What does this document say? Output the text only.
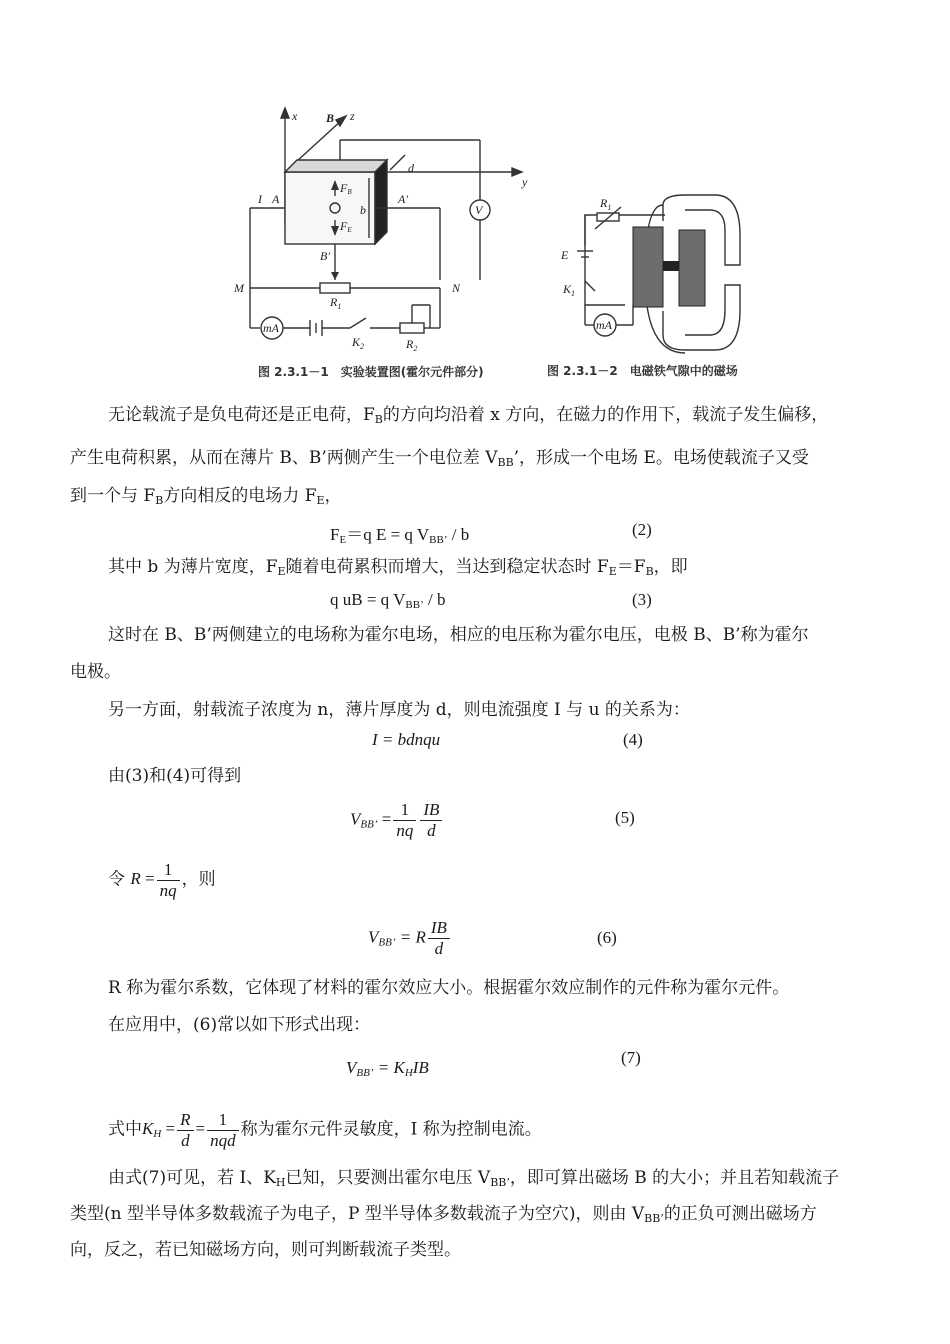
x
y
z
B
d
b
I A	A'
B'
M	N
$R_1$
$R_2$
$K_2$
V
mA
FB
FE
图 2.3.1－1　实验装置图(霍尔元件部分)
$R_1$
E
$K_1$
mA
图 2.3.1－2　电磁铁气隙中的磁场
无论载流子是负电荷还是正电荷，$F_B$的方向均沿着 x 方向，在磁力的作用下，载流子发生偏移，
产生电荷积累，从而在薄片 B、B’两侧产生一个电位差 $V_{BB}$’，形成一个电场 E。电场使载流子又受
到一个与 $F_B$方向相反的电场力 $F_E$，
$F_E=q$ E = q $V_{BB’}$ / b	(2)
其中 b 为薄片宽度，$F_E$随着电荷累积而增大，当达到稳定状态时 $F_E=F_B$，即
q uB = q $V_{BB’}$ / b	(3)
这时在 B、B’两侧建立的电场称为霍尔电场，相应的电压称为霍尔电压，电极 B、B’称为霍尔
电极。
另一方面，射载流子浓度为 n，薄片厚度为 d，则电流强度 I 与 u 的关系为：
I = bdnqu	(4)
由(3)和(4)可得到
$V_{BB’} = \frac{1}{nq} \frac{IB}{d}$	(5)
令 $R = \frac{1}{nq}$ ，则
$V_{BB’} = R \frac{IB}{d}$	(6)
R 称为霍尔系数，它体现了材料的霍尔效应大小。根据霍尔效应制作的元件称为霍尔元件。
在应用中，(6)常以如下形式出现：
$V_{BB’} = K_HIB$
(7)
式中$K_H = \frac{R}{d} = \frac{1}{\text{nqd}}$ 称为霍尔元件灵敏度，I 称为控制电流。
由式(7)可见，若 I、$K_H$已知，只要测出霍尔电压 $V_{BB’}$，即可算出磁场 B 的大小；并且若知载流子
类型(n 型半导体多数载流子为电子，P 型半导体多数载流子为空穴)，则由 $V_{BB’}$的正负可测出磁场方
向，反之，若已知磁场方向，则可判断载流子类型。
